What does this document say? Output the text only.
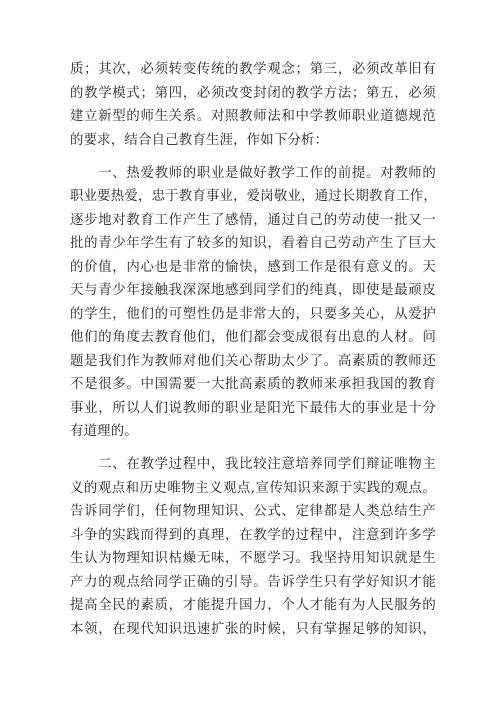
质；其次，必须转变传统的教学观念；第三，必须改革旧有
的教学模式；第四，必须改变封闭的教学方法；第五，必须
建立新型的师生关系。对照教师法和中学教师职业道德规范
的要求，结合自己教育生涯，作如下分析：
　　一、热爱教师的职业是做好教学工作的前提。对教师的
职业要热爱，忠于教育事业，爱岗敬业，通过长期教育工作，
逐步地对教育工作产生了感情，通过自己的劳动使一批又一
批的青少年学生有了较多的知识，看着自己劳动产生了巨大
的价值，内心也是非常的愉快，感到工作是很有意义的。天
天与青少年接触我深深地感到同学们的纯真，即使是最顽皮
的学生，他们的可塑性仍是非常大的，只要多关心，从爱护
他们的角度去教育他们，他们都会变成很有出息的人材。问
题是我们作为教师对他们关心帮助太少了。高素质的教师还
不是很多。中国需要一大批高素质的教师来承担我国的教育
事业，所以人们说教师的职业是阳光下最伟大的事业是十分
有道理的。
　　二、在教学过程中，我比较注意培养同学们辩证唯物主
义的观点和历史唯物主义观点,宣传知识来源于实践的观点。
告诉同学们，任何物理知识、公式、定律都是人类总结生产
斗争的实践而得到的真理，在教学的过程中，注意到许多学
生认为物理知识枯燥无味，不愿学习。我坚持用知识就是生
产力的观点给同学正确的引导。告诉学生只有学好知识才能
提高全民的素质，才能提升国力，个人才能有为人民服务的
本领，在现代知识迅速扩张的时候，只有掌握足够的知识，
